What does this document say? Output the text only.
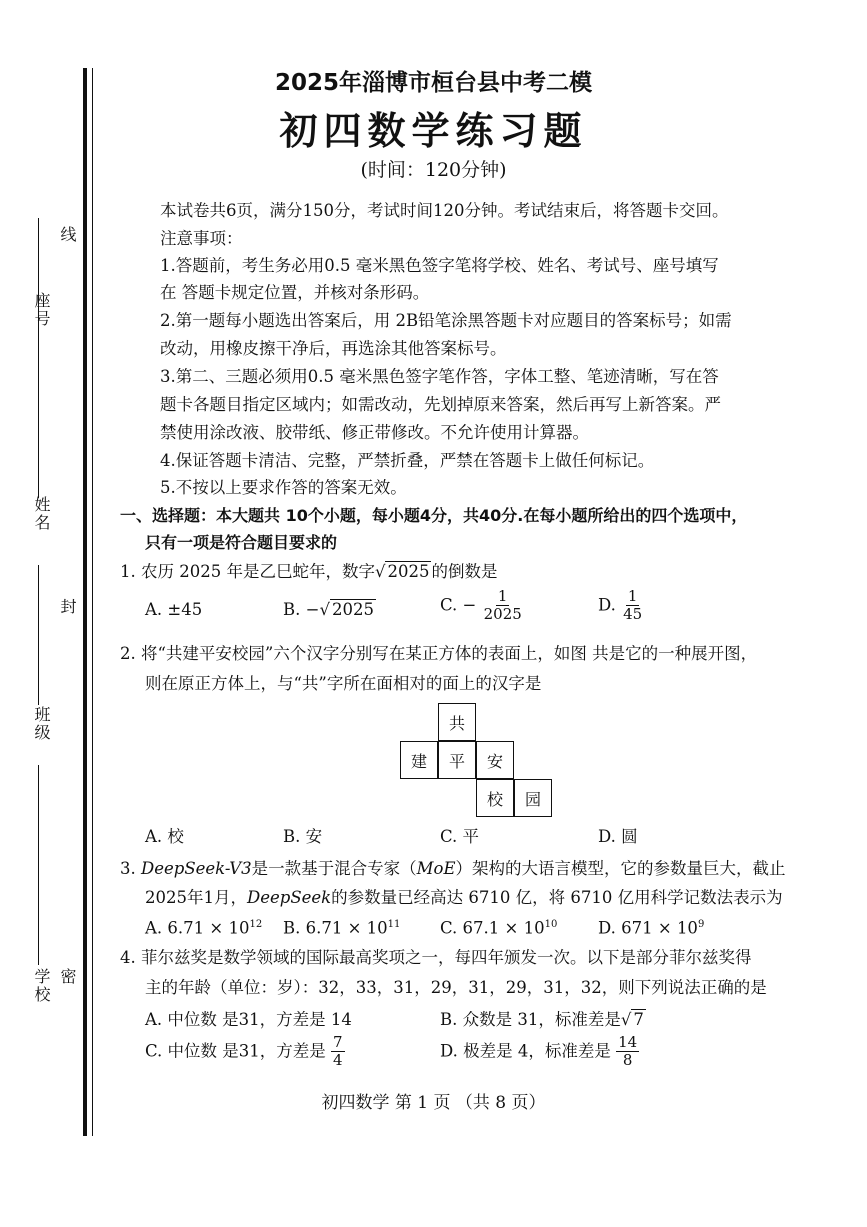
座号
线
姓名
封
班级
学校 密
2025年淄博市桓台县中考二模
初四数学练习题
(时间：120分钟)
本试卷共6页，满分150分，考试时间120分钟。考试结束后，将答题卡交回。
注意事项：
1.答题前，考生务必用0.5 毫米黑色签字笔将学校、姓名、考试号、座号填写
在 答题卡规定位置，并核对条形码。
2.第一题每小题选出答案后，用 2B铅笔涂黑答题卡对应题目的答案标号；如需
改动，用橡皮擦干净后，再选涂其他答案标号。
3.第二、三题必须用0.5 毫米黑色签字笔作答，字体工整、笔迹清晰，写在答
题卡各题目指定区域内；如需改动，先划掉原来答案，然后再写上新答案。严
禁使用涂改液、胶带纸、修正带修改。不允许使用计算器。
4.保证答题卡清洁、完整，严禁折叠，严禁在答题卡上做任何标记。
5.不按以上要求作答的答案无效。
一、选择题：本大题共 10个小题，每小题4分，共40分.在每小题所给出的四个选项中，
只有一项是符合题目要求的
1. 农历 2025 年是乙巳蛇年，数字√ 2025 的倒数是
A. ±45	B. −√ 2025	C. − $\frac{1}{2025}$	D. $\frac{1}{45}$
2. 将“共建平安校园”六个汉字分别写在某正方体的表面上，如图 共是它的一种展开图，
则在原正方体上，与“共”字所在面相对的面上的汉字是
共
建	平	安
校	园
A. 校	B. 安	C. 平	D. 圆
3. DeepSeek-V3是一款基于混合专家（MoE）架构的大语言模型，它的参数量巨大，截止
2025年1月，DeepSeek的参数量已经高达 6710 亿，将 6710 亿用科学记数法表示为
A. $6.71 \times 10^{12}$ B. $6.71 \times 10^{11}$ C. $67.1 \times 10^{10}$ D. $671 \times 10^9$
4. 菲尔兹奖是数学领域的国际最高奖项之一，每四年颁发一次。以下是部分菲尔兹奖得
主的年龄（单位：岁）：32，33，31，29，31，29，31，32，则下列说法正确的是
A. 中位数 是31，方差是 14	B. 众数是 31，标准差是√ 7
C. 中位数 是31，方差是 $\frac{7}{4}$	D. 极差是 4，标准差是 $\frac{14}{8}$
初四数学 第 1 页 （共 8 页）
